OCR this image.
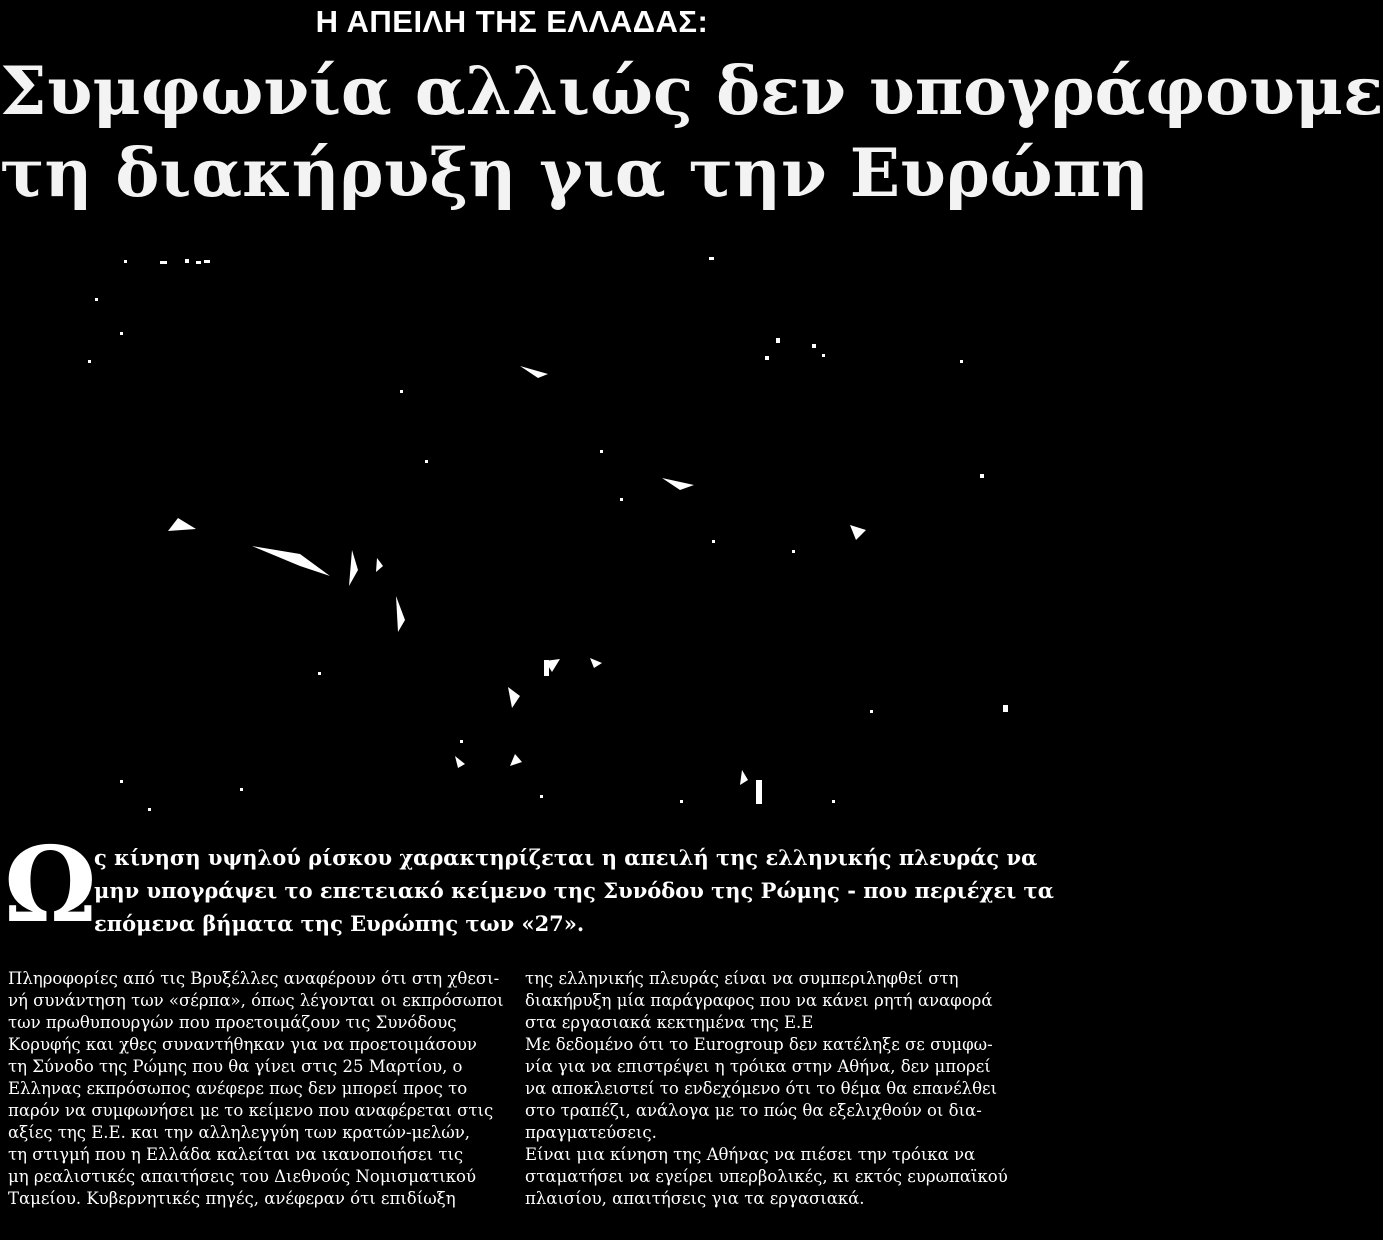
Η ΑΠΕΙΛΗ ΤΗΣ ΕΛΛΑΔΑΣ:
Συμφωνία αλλιώς δεν υπογράφουμε
τη διακήρυξη για την Ευρώπη
Ω
ς κίνηση υψηλού ρίσκου χαρακτηρίζεται η απειλή της ελληνικής πλευράς να
μην υπογράψει το επετειακό κείμενο της Συνόδου της Ρώμης - που περιέχει τα
επόμενα βήματα της Ευρώπης των «27».
Πληροφορίες από τις Βρυξέλλες αναφέρουν ότι στη χθεσι-
νή συνάντηση των «σέρπα», όπως λέγονται οι εκπρόσωποι
των πρωθυπουργών που προετοιμάζουν τις Συνόδους
Κορυφής και χθες συναντήθηκαν για να προετοιμάσουν
τη Σύνοδο της Ρώμης που θα γίνει στις 25 Μαρτίου, ο
Ελληνας εκπρόσωπος ανέφερε πως δεν μπορεί προς το
παρόν να συμφωνήσει με το κείμενο που αναφέρεται στις
αξίες της Ε.Ε. και την αλληλεγγύη των κρατών-μελών,
τη στιγμή που η Ελλάδα καλείται να ικανοποιήσει τις
μη ρεαλιστικές απαιτήσεις του Διεθνούς Νομισματικού
Ταμείου. Κυβερνητικές πηγές, ανέφεραν ότι επιδίωξη
της ελληνικής πλευράς είναι να συμπεριληφθεί στη
διακήρυξη μία παράγραφος που να κάνει ρητή αναφορά
στα εργασιακά κεκτημένα της Ε.Ε
Με δεδομένο ότι το Eurogroup δεν κατέληξε σε συμφω-
νία για να επιστρέψει η τρόικα στην Αθήνα, δεν μπορεί
να αποκλειστεί το ενδεχόμενο ότι το θέμα θα επανέλθει
στο τραπέζι, ανάλογα με το πώς θα εξελιχθούν οι δια-
πραγματεύσεις.
Είναι μια κίνηση της Αθήνας να πιέσει την τρόικα να
σταματήσει να εγείρει υπερβολικές, κι εκτός ευρωπαϊκού
πλαισίου, απαιτήσεις για τα εργασιακά.
